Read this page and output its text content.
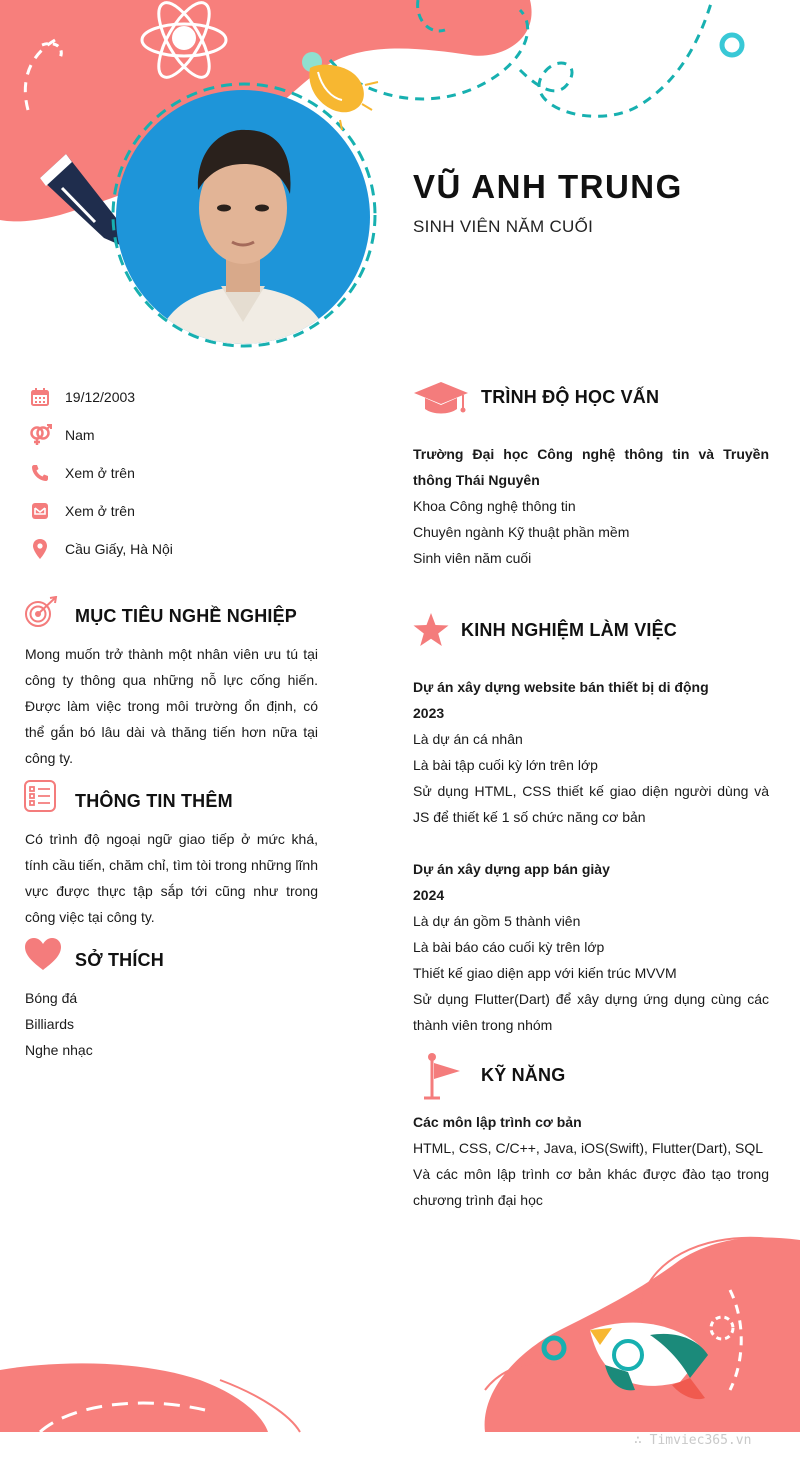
VŨ ANH TRUNG
SINH VIÊN NĂM CUỐI
19/12/2003
Nam
Xem ở trên
Xem ở trên
Cầu Giấy, Hà Nội
MỤC TIÊU NGHỀ NGHIỆP
Mong muốn trở thành một nhân viên ưu tú tại công ty thông qua những nỗ lực cống hiến. Được làm việc trong môi trường ổn định, có thể gắn bó lâu dài và thăng tiến hơn nữa tại công ty.
THÔNG TIN THÊM
Có trình độ ngoại ngữ giao tiếp ở mức khá, tính cầu tiến, chăm chỉ, tìm tòi trong những lĩnh vực được thực tập sắp tới cũng như trong công việc tại công ty.
SỞ THÍCH
Bóng đá
Billiards
Nghe nhạc
TRÌNH ĐỘ HỌC VẤN
Trường Đại học Công nghệ thông tin và Truyền thông Thái Nguyên
Khoa Công nghệ thông tin
Chuyên ngành Kỹ thuật phần mềm
Sinh viên năm cuối
KINH NGHIỆM LÀM VIỆC
Dự án xây dựng website bán thiết bị di động
2023
Là dự án cá nhân
Là bài tập cuối kỳ lớn trên lớp
Sử dụng HTML, CSS thiết kế giao diện người dùng và JS để thiết kế 1 số chức năng cơ bản
Dự án xây dựng app bán giày
2024
Là dự án gồm 5 thành viên
Là bài báo cáo cuối kỳ trên lớp
Thiết kế giao diện app với kiến trúc MVVM
Sử dụng Flutter(Dart) để xây dựng ứng dụng cùng các thành viên trong nhóm
KỸ NĂNG
Các môn lập trình cơ bản
HTML, CSS, C/C++, Java, iOS(Swift), Flutter(Dart), SQL
Và các môn lập trình cơ bản khác được đào tạo trong chương trình đại học
∴ Timviec365.vn
